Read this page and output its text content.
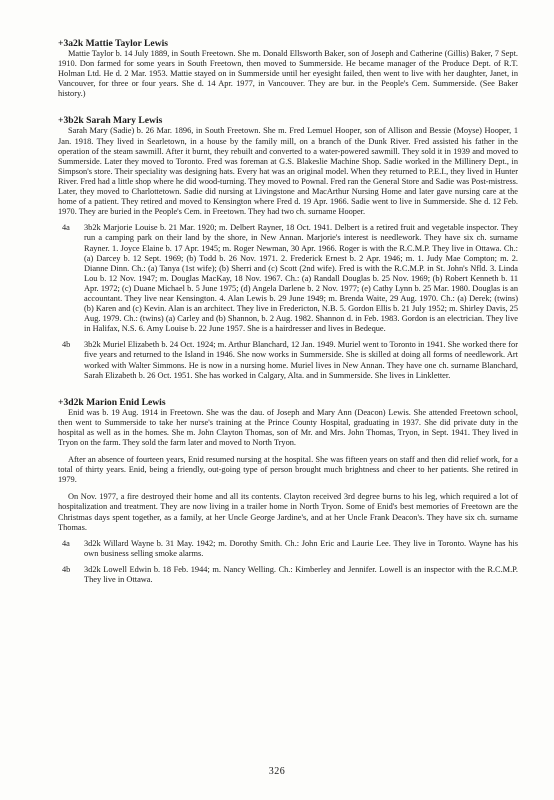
+3a2k Mattie Taylor Lewis

Mattie Taylor b. 14 July 1889, in South Freetown. She m. Donald Ellsworth Baker, son of Joseph and Catherine (Gillis) Baker, 7 Sept. 1910. Don farmed for some years in South Freetown, then moved to Summerside. He became manager of the Produce Dept. of R.T. Holman Ltd. He d. 2 Mar. 1953. Mattie stayed on in Summerside until her eyesight failed, then went to live with her daughter, Janet, in Vancouver, for three or four years. She d. 14 Apr. 1977, in Vancouver. They are bur. in the People's Cem. Summerside. (See Baker history.)

+3b2k Sarah Mary Lewis

Sarah Mary (Sadie) b. 26 Mar. 1896, in South Freetown. She m. Fred Lemuel Hooper, son of Allison and Bessie (Moyse) Hooper, 1 Jan. 1918. They lived in Searletown, in a house by the family mill, on a branch of the Dunk River. Fred assisted his father in the operation of the steam sawmill. After it burnt, they rebuilt and converted to a water-powered sawmill. They sold it in 1939 and moved to Summerside. Later they moved to Toronto. Fred was foreman at G.S. Blakeslie Machine Shop. Sadie worked in the Millinery Dept., in Simpson's store. Their speciality was designing hats. Every hat was an original model. When they returned to P.E.I., they lived in Hunter River. Fred had a little shop where he did wood-turning. They moved to Pownal. Fred ran the General Store and Sadie was Post-mistress. Later, they moved to Charlottetown. Sadie did nursing at Livingstone and MacArthur Nursing Home and later gave nursing care at the home of a patient. They retired and moved to Kensington where Fred d. 19 Apr. 1966. Sadie went to live in Summerside. She d. 12 Feb. 1970. They are buried in the People's Cem. in Freetown. They had two ch. surname Hooper.

4a	3b2k Marjorie Louise b. 21 Mar. 1920; m. Delbert Rayner, 18 Oct. 1941. Delbert is a retired fruit and vegetable inspector. They run a camping park on their land by the shore, in New Annan. Marjorie's interest is needlework. They have six ch. surname Rayner. 1. Joyce Elaine b. 17 Apr. 1945; m. Roger Newman, 30 Apr. 1966. Roger is with the R.C.M.P. They live in Ottawa. Ch.: (a) Darcey b. 12 Sept. 1969; (b) Todd b. 26 Nov. 1971. 2. Frederick Ernest b. 2 Apr. 1946; m. 1. Judy Mae Compton; m. 2. Dianne Dinn. Ch.: (a) Tanya (1st wife); (b) Sherri and (c) Scott (2nd wife). Fred is with the R.C.M.P. in St. John's Nfld. 3. Linda Lou b. 12 Nov. 1947; m. Douglas MacKay, 18 Nov. 1967. Ch.: (a) Randall Douglas b. 25 Nov. 1969; (b) Robert Kenneth b. 11 Apr. 1972; (c) Duane Michael b. 5 June 1975; (d) Angela Darlene b. 2 Nov. 1977; (e) Cathy Lynn b. 25 Mar. 1980. Douglas is an accountant. They live near Kensington. 4. Alan Lewis b. 29 June 1949; m. Brenda Waite, 29 Aug. 1970. Ch.: (a) Derek; (twins) (b) Karen and (c) Kevin. Alan is an architect. They live in Fredericton, N.B. 5. Gordon Ellis b. 21 July 1952; m. Shirley Davis, 25 Aug. 1979. Ch.: (twins) (a) Carley and (b) Shannon, b. 2 Aug. 1982. Shannon d. in Feb. 1983. Gordon is an electrician. They live in Halifax, N.S. 6. Amy Louise b. 22 June 1957. She is a hairdresser and lives in Bedeque.
4b	3b2k Muriel Elizabeth b. 24 Oct. 1924; m. Arthur Blanchard, 12 Jan. 1949. Muriel went to Toronto in 1941. She worked there for five years and returned to the Island in 1946. She now works in Summerside. She is skilled at doing all forms of needlework. Art worked with Walter Simmons. He is now in a nursing home. Muriel lives in New Annan. They have one ch. surname Blanchard, Sarah Elizabeth b. 26 Oct. 1951. She has worked in Calgary, Alta. and in Summerside. She lives in Linkletter.

+3d2k Marion Enid Lewis

Enid was b. 19 Aug. 1914 in Freetown. She was the dau. of Joseph and Mary Ann (Deacon) Lewis. She attended Freetown school, then went to Summerside to take her nurse's training at the Prince County Hospital, graduating in 1937. She did private duty in the hospital as well as in the homes. She m. John Clayton Thomas, son of Mr. and Mrs. John Thomas, Tryon, in Sept. 1941. They lived in Tryon on the farm. They sold the farm later and moved to North Tryon.

After an absence of fourteen years, Enid resumed nursing at the hospital. She was fifteen years on staff and then did relief work, for a total of thirty years. Enid, being a friendly, out-going type of person brought much brightness and cheer to her patients. She retired in 1979.

On Nov. 1977, a fire destroyed their home and all its contents. Clayton received 3rd degree burns to his leg, which required a lot of hospitalization and treatment. They are now living in a trailer home in North Tryon. Some of Enid's best memories of Freetown are the Christmas days spent together, as a family, at her Uncle George Jardine's, and at her Uncle Frank Deacon's. They have six ch. surname Thomas.

4a	3d2k Willard Wayne b. 31 May. 1942; m. Dorothy Smith. Ch.: John Eric and Laurie Lee. They live in Toronto. Wayne has his own business selling smoke alarms.
4b	3d2k Lowell Edwin b. 18 Feb. 1944; m. Nancy Welling. Ch.: Kimberley and Jennifer. Lowell is an inspector with the R.C.M.P. They live in Ottawa.
326
